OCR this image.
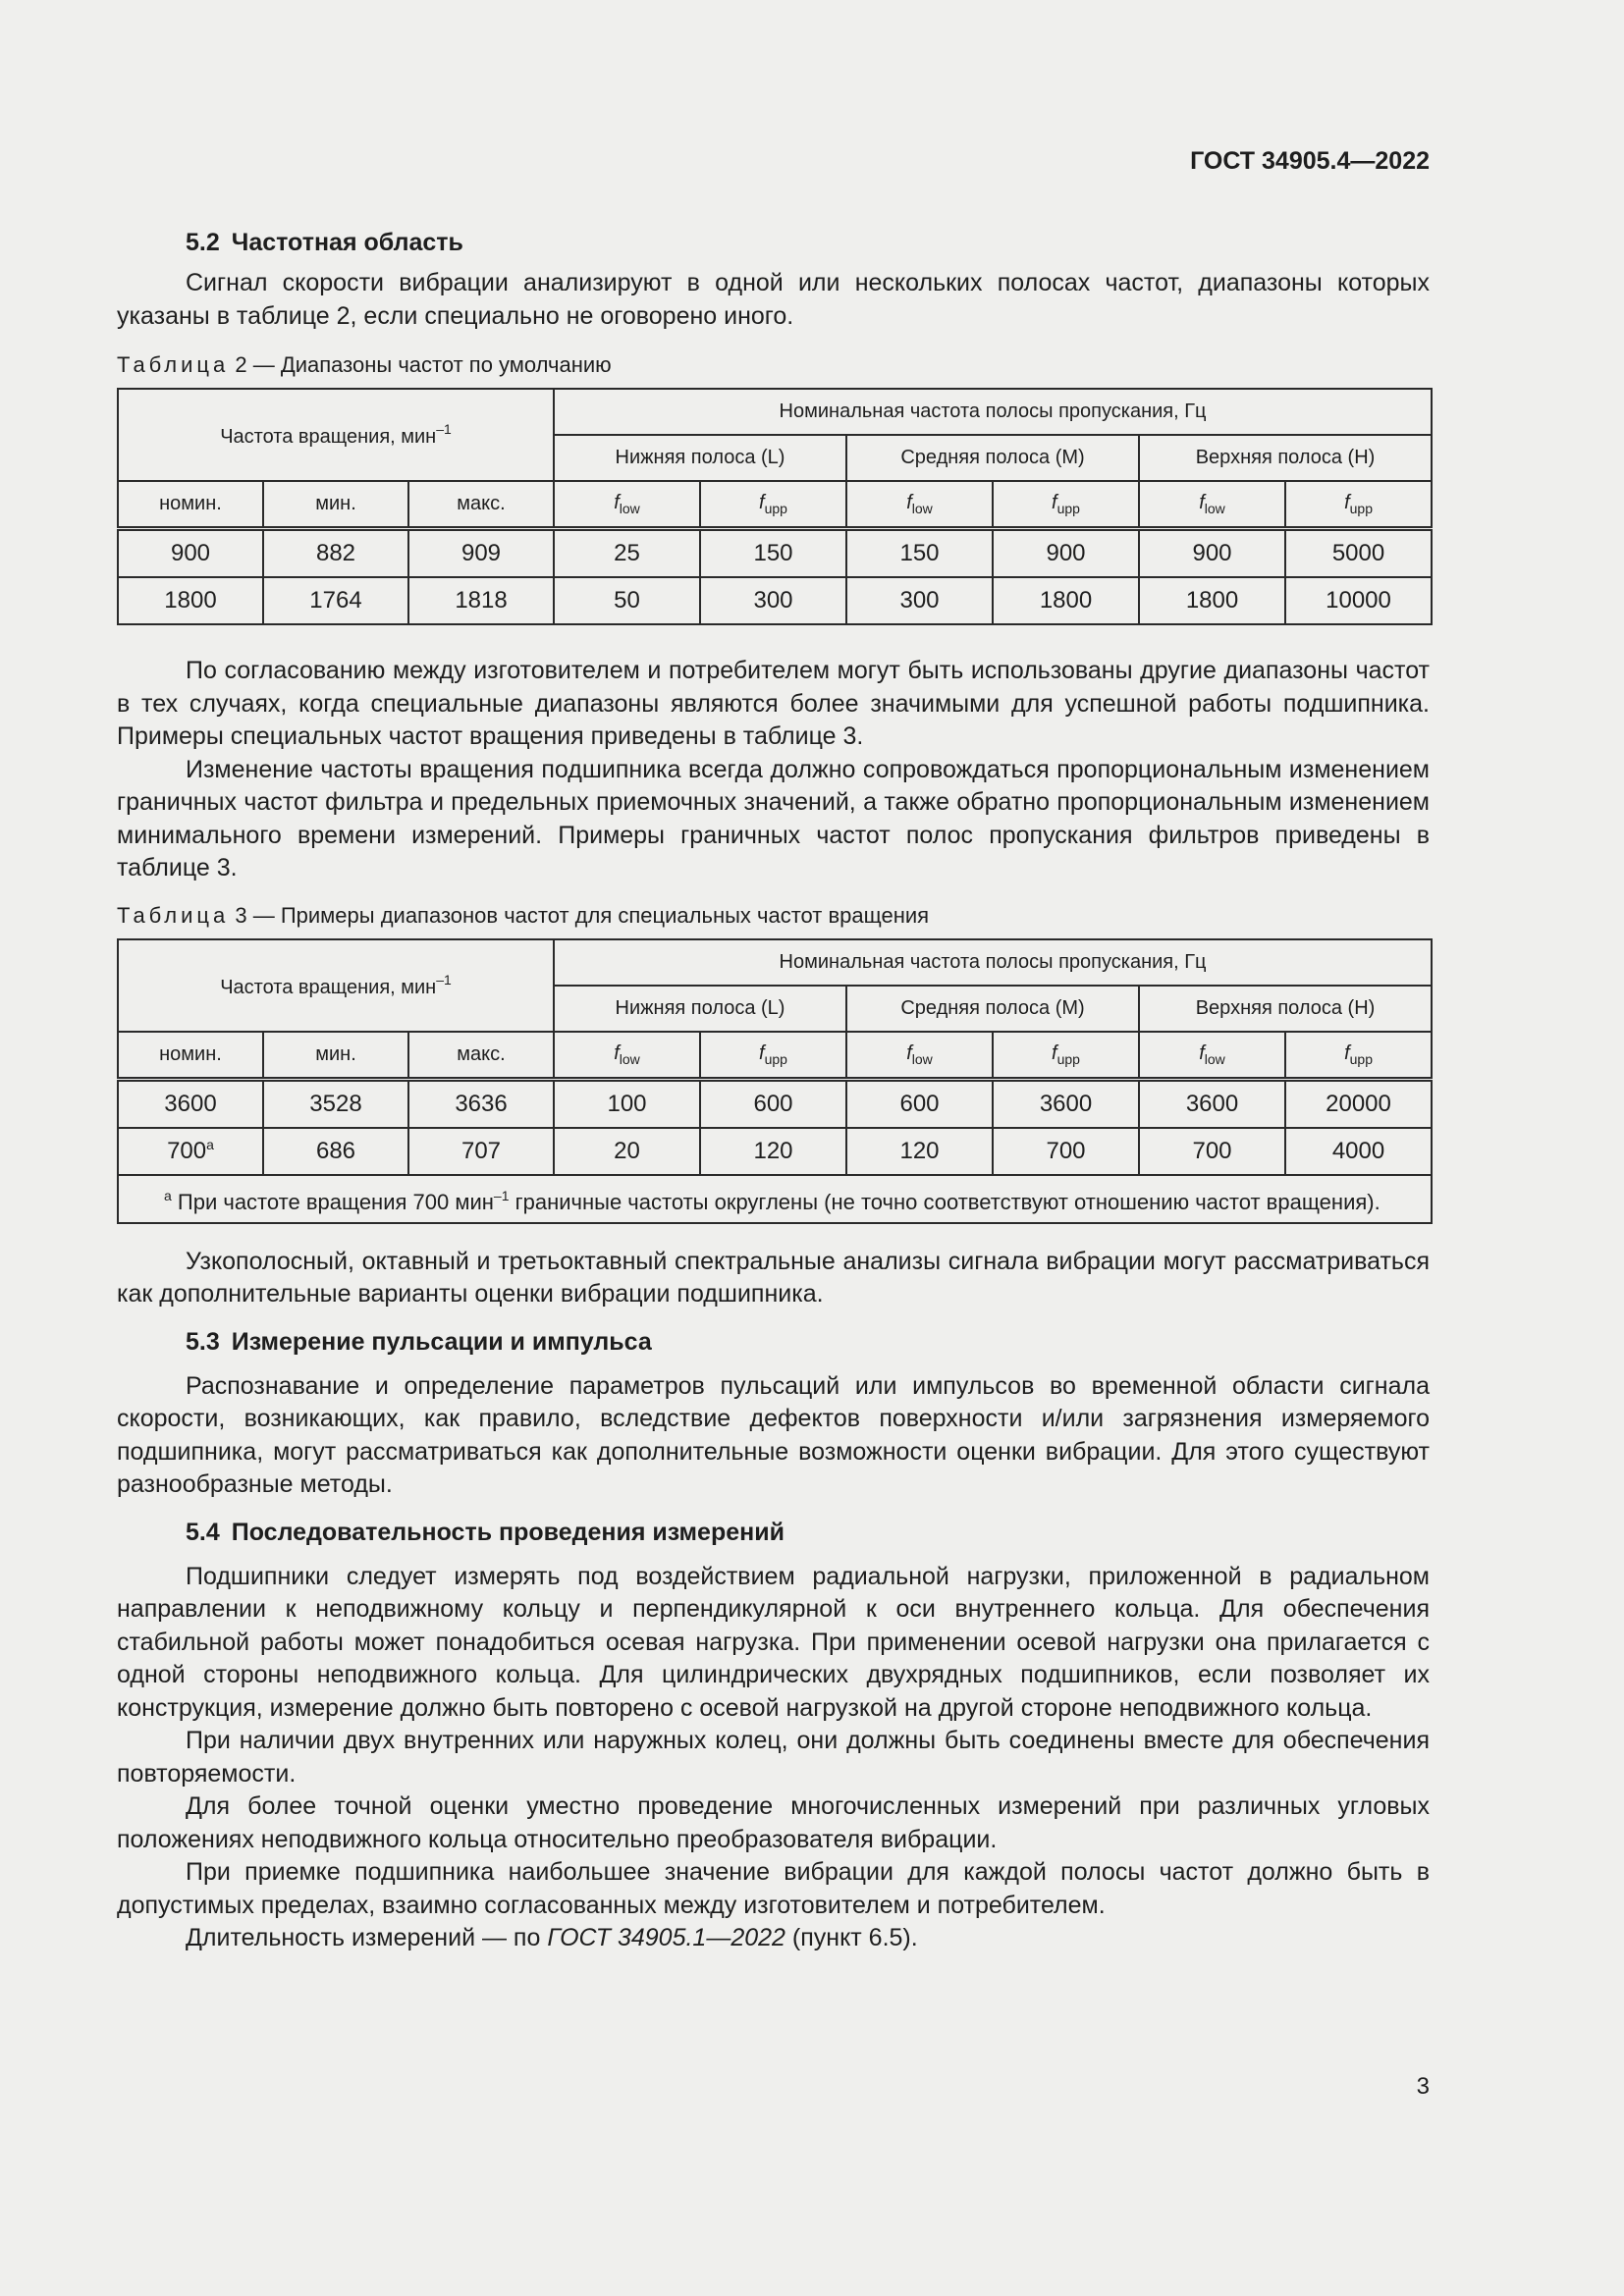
ГОСТ 34905.4—2022
5.2 Частотная область

Сигнал скорости вибрации анализируют в одной или нескольких полосах частот, диапазоны которых указаны в таблице 2, если специально не оговорено иного.

Таблица 2 — Диапазоны частот по умолчанию

Частота вращения, мин$^{-1}$			Номинальная частота полосы пропускания, Гц					
			Нижняя полоса (L)		Средняя полоса (M)		Верхняя полоса (H)	
номин.	мин.	макс.	$f_{low}$	$f_{upp}$	$f_{low}$	$f_{upp}$	$f_{low}$	$f_{upp}$
900	882	909	25	150	150	900	900	5000
1800	1764	1818	50	300	300	1800	1800	10000

По согласованию между изготовителем и потребителем могут быть использованы другие диапазоны частот в тех случаях, когда специальные диапазоны являются более значимыми для успешной работы подшипника. Примеры специальных частот вращения приведены в таблице 3.

Изменение частоты вращения подшипника всегда должно сопровождаться пропорциональным изменением граничных частот фильтра и предельных приемочных значений, а также обратно пропорциональным изменением минимального времени измерений. Примеры граничных частот полос пропускания фильтров приведены в таблице 3.

Таблица 3 — Примеры диапазонов частот для специальных частот вращения

Частота вращения, мин$^{-1}$			Номинальная частота полосы пропускания, Гц					
			Нижняя полоса (L)		Средняя полоса (M)		Верхняя полоса (H)	
номин.	мин.	макс.	$f_{low}$	$f_{upp}$	$f_{low}$	$f_{upp}$	$f_{low}$	$f_{upp}$
3600	3528	3636	100	600	600	3600	3600	20000
700$^a$	686	707	20	120	120	700	700	4000
$^a$ При частоте вращения 700 мин$^{-1}$ граничные частоты округлены (не точно соответствуют отношению частот вращения).								

Узкополосный, октавный и третьоктавный спектральные анализы сигнала вибрации могут рассматриваться как дополнительные варианты оценки вибрации подшипника.

5.3 Измерение пульсации и импульса

Распознавание и определение параметров пульсаций или импульсов во временной области сигнала скорости, возникающих, как правило, вследствие дефектов поверхности и/или загрязнения измеряемого подшипника, могут рассматриваться как дополнительные возможности оценки вибрации. Для этого существуют разнообразные методы.

5.4 Последовательность проведения измерений

Подшипники следует измерять под воздействием радиальной нагрузки, приложенной в радиальном направлении к неподвижному кольцу и перпендикулярной к оси внутреннего кольца. Для обеспечения стабильной работы может понадобиться осевая нагрузка. При применении осевой нагрузки она прилагается с одной стороны неподвижного кольца. Для цилиндрических двухрядных подшипников, если позволяет их конструкция, измерение должно быть повторено с осевой нагрузкой на другой стороне неподвижного кольца.

При наличии двух внутренних или наружных колец, они должны быть соединены вместе для обеспечения повторяемости.

Для более точной оценки уместно проведение многочисленных измерений при различных угловых положениях неподвижного кольца относительно преобразователя вибрации.

При приемке подшипника наибольшее значение вибрации для каждой полосы частот должно быть в допустимых пределах, взаимно согласованных между изготовителем и потребителем.

Длительность измерений — по ГОСТ 34905.1—2022 (пункт 6.5).

3
